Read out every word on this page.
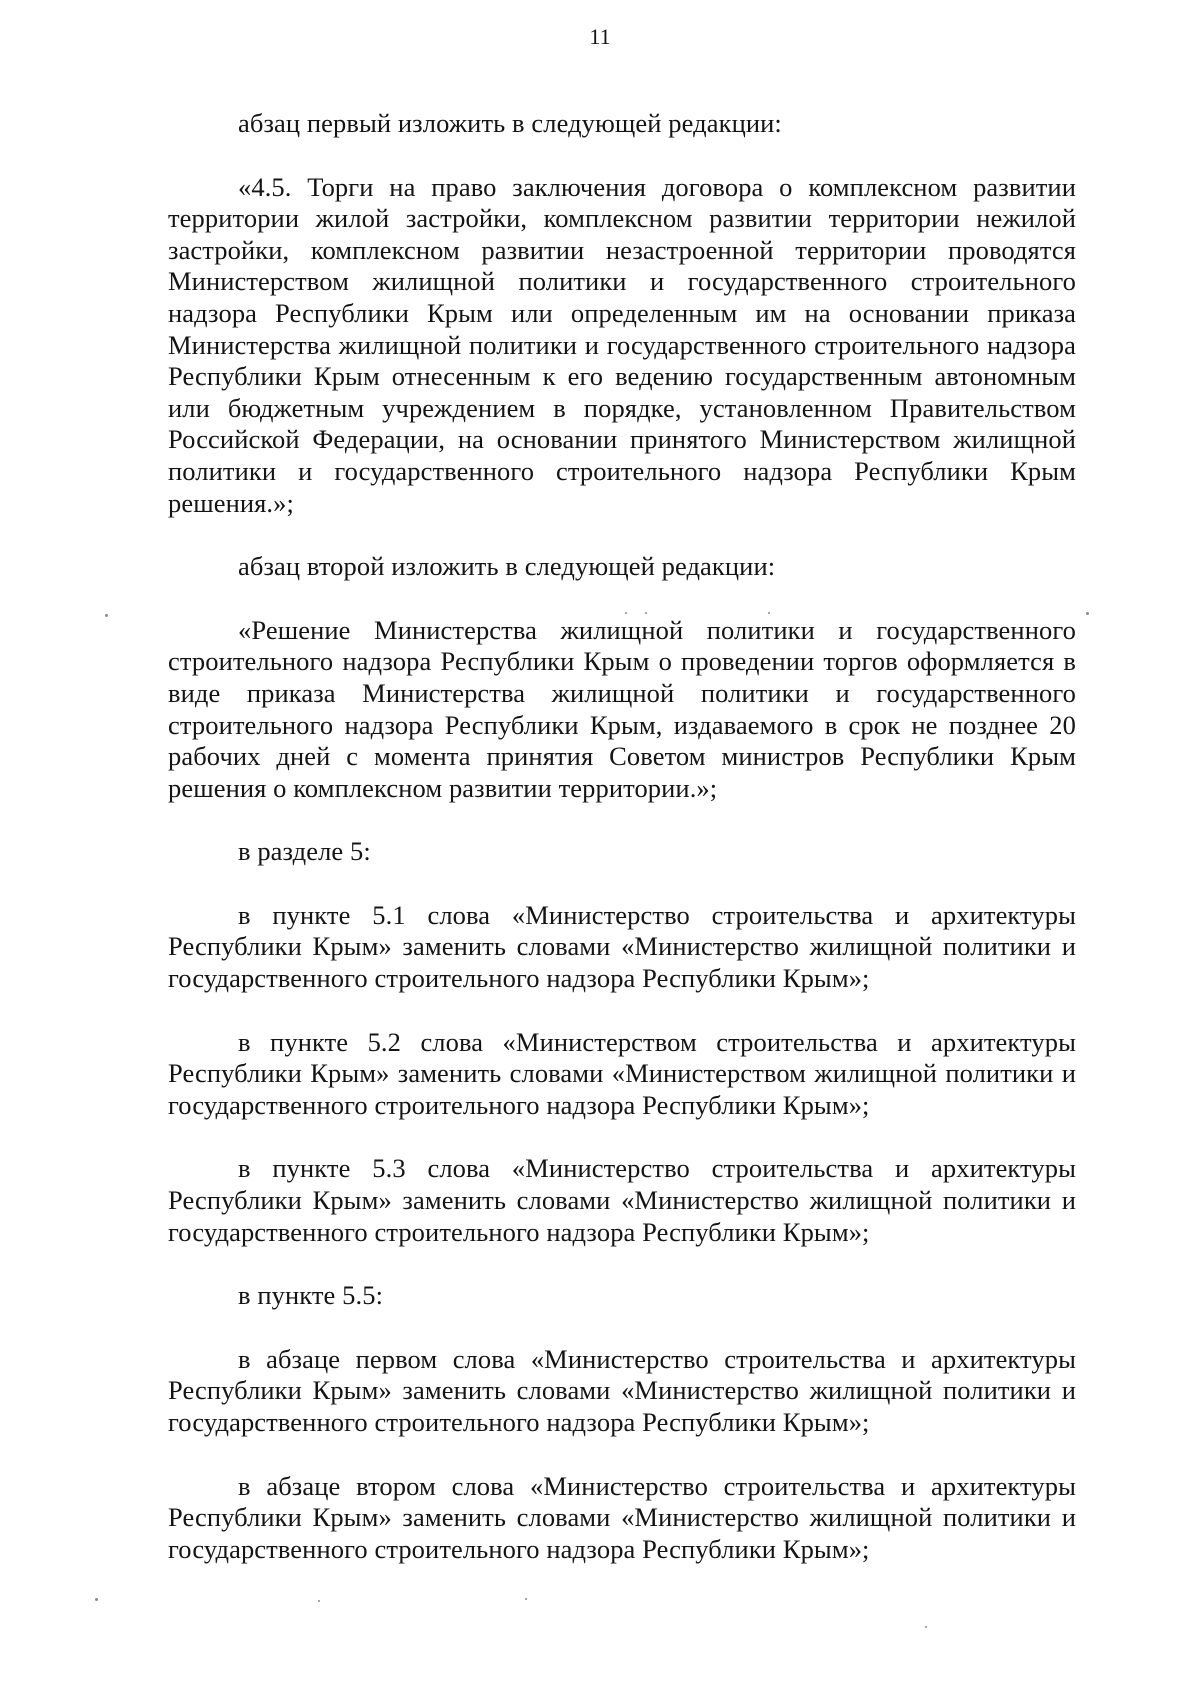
11

абзац первый изложить в следующей редакции:

«4.5. Торги на право заключения договора о комплексном развитии территории жилой застройки, комплексном развитии территории нежилой застройки, комплексном развитии незастроенной территории проводятся Министерством жилищной политики и государственного строительного надзора Республики Крым или определенным им на основании приказа Министерства жилищной политики и государственного строительного надзора Республики Крым отнесенным к его ведению государственным автономным или бюджетным учреждением в порядке, установленном Правительством Российской Федерации, на основании принятого Министерством жилищной политики и государственного строительного надзора Республики Крым решения.»;

абзац второй изложить в следующей редакции:

«Решение Министерства жилищной политики и государственного строительного надзора Республики Крым о проведении торгов оформляется в виде приказа Министерства жилищной политики и государственного строительного надзора Республики Крым, издаваемого в срок не позднее 20 рабочих дней с момента принятия Советом министров Республики Крым решения о комплексном развитии территории.»;

в разделе 5:

в пункте 5.1 слова «Министерство строительства и архитектуры Республики Крым» заменить словами «Министерство жилищной политики и государственного строительного надзора Республики Крым»;

в пункте 5.2 слова «Министерством строительства и архитектуры Республики Крым» заменить словами «Министерством жилищной политики и государственного строительного надзора Республики Крым»;

в пункте 5.3 слова «Министерство строительства и архитектуры Республики Крым» заменить словами «Министерство жилищной политики и государственного строительного надзора Республики Крым»;

в пункте 5.5:

в абзаце первом слова «Министерство строительства и архитектуры Республики Крым» заменить словами «Министерство жилищной политики и государственного строительного надзора Республики Крым»;

в абзаце втором слова «Министерство строительства и архитектуры Республики Крым» заменить словами «Министерство жилищной политики и государственного строительного надзора Республики Крым»;
